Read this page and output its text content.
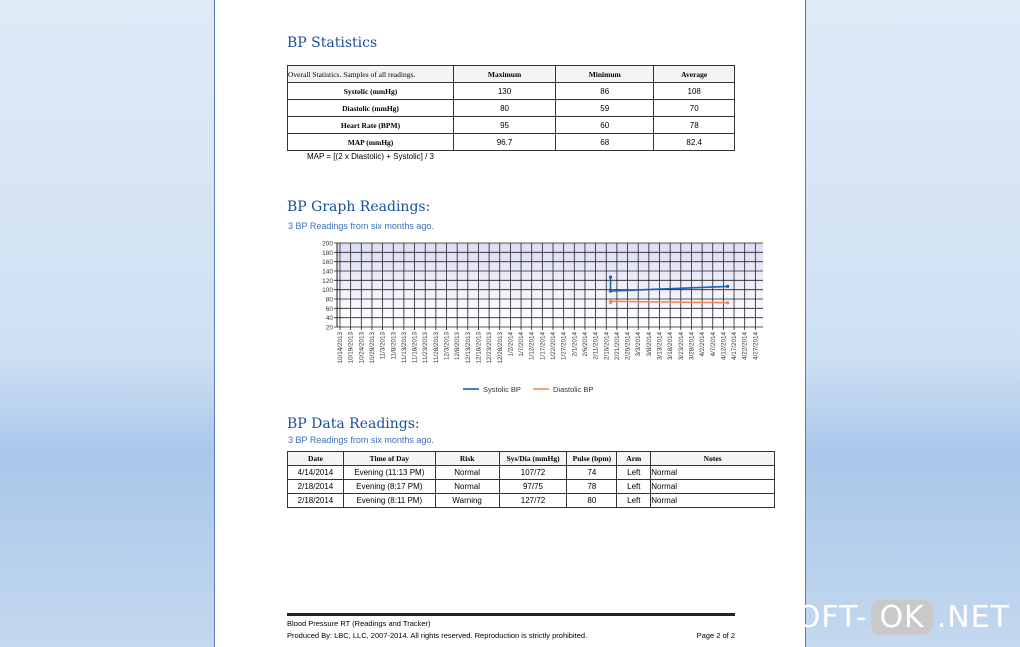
BP Statistics
Overall Statistics. Samples of all readings.	Maximum	Minimum	Average
Systolic (mmHg)	130	86	108
Diastolic (mmHg)	80	59	70
Heart Rate (BPM)	95	60	78
MAP (mmHg)	96.7	68	82.4
MAP = [(2 x Diastolic) + Systolic] / 3
BP Graph Readings:
3 BP Readings from six months ago.
20
40
60
80
100
120
140
160
180
200
10/14/2013 10/19/2013 10/24/2013 10/29/2013 11/3/2013 11/8/2013 11/13/2013 11/18/2013 11/23/2013 11/28/2013 12/3/2013 12/8/2013 12/13/2013 12/18/2013 12/23/2013 12/28/2013 1/2/2014 1/7/2014 1/12/2014 1/17/2014 1/22/2014 1/27/2014 2/1/2014 2/6/2014 2/11/2014 2/16/2014 2/21/2014 2/26/2014 3/3/2014 3/8/2014 3/13/2014 3/18/2014 3/23/2014 3/28/2014 4/2/2014 4/7/2014 4/12/2014 4/17/2014 4/22/2014 4/27/2014
Systolic BP	Diastolic BP
BP Data Readings:
3 BP Readings from six months ago.
Date	Time of Day	Risk	Sys/Dia (mmHg)	Pulse (bpm)	Arm	Notes
4/14/2014	Evening (11:13 PM)	Normal	107/72	74	Left	Normal
2/18/2014	Evening (8:17 PM)	Normal	97/75	78	Left	Normal
2/18/2014	Evening (8:11 PM)	Warning	127/72	80	Left	Normal
Blood Pressure RT (Readings and Tracker)
Produced By: LBC, LLC, 2007-2014. All rights reserved. Reproduction is strictly prohibited.	Page 2 of 2
SOFT- OK .NET
